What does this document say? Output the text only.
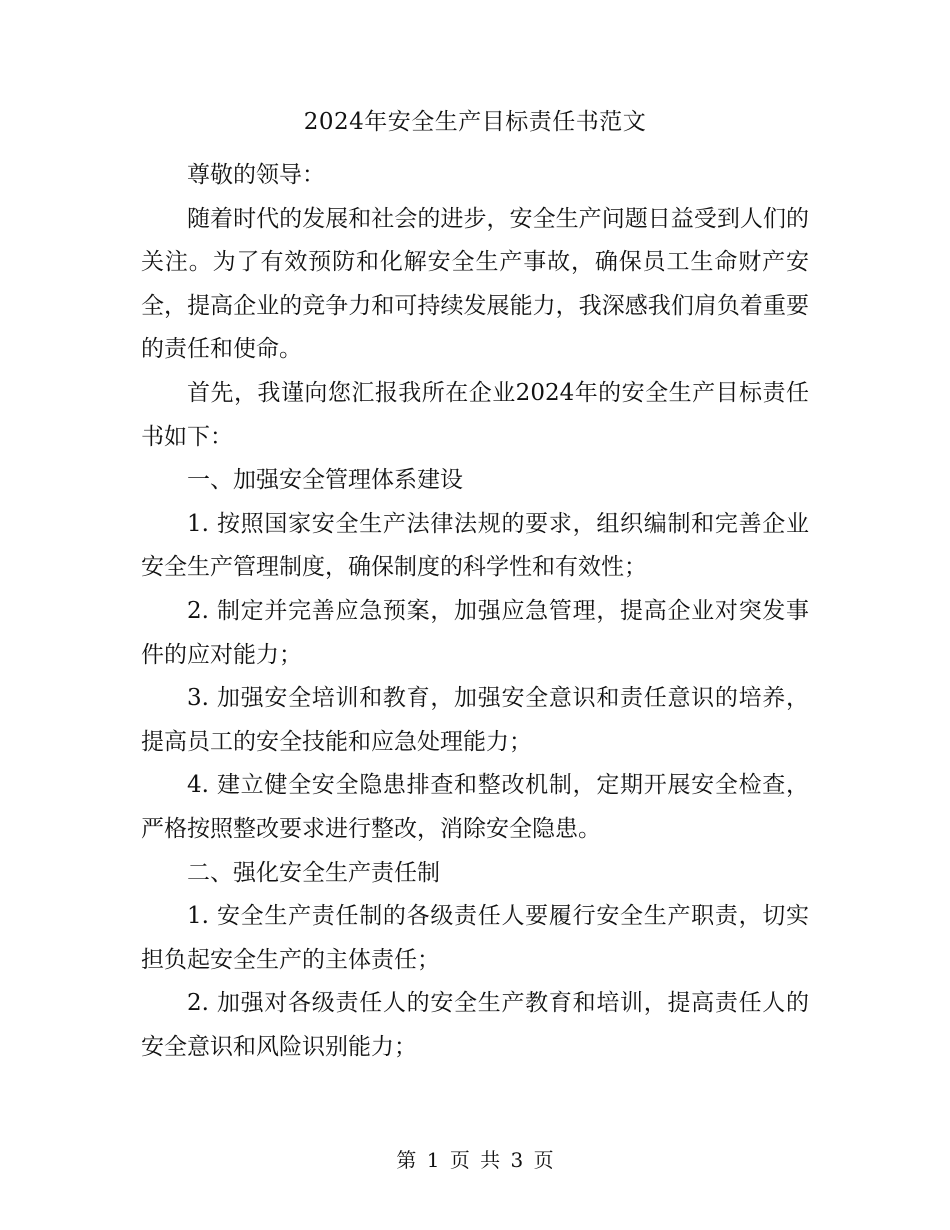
2024年安全生产目标责任书范文

尊敬的领导：

随着时代的发展和社会的进步，安全生产问题日益受到人们的关注。为了有效预防和化解安全生产事故，确保员工生命财产安全，提高企业的竞争力和可持续发展能力，我深感我们肩负着重要的责任和使命。

首先，我谨向您汇报我所在企业2024年的安全生产目标责任书如下：

一、加强安全管理体系建设

1. 按照国家安全生产法律法规的要求，组织编制和完善企业安全生产管理制度，确保制度的科学性和有效性；

2. 制定并完善应急预案，加强应急管理，提高企业对突发事件的应对能力；

3. 加强安全培训和教育，加强安全意识和责任意识的培养，提高员工的安全技能和应急处理能力；

4. 建立健全安全隐患排查和整改机制，定期开展安全检查，严格按照整改要求进行整改，消除安全隐患。

二、强化安全生产责任制

1. 安全生产责任制的各级责任人要履行安全生产职责，切实担负起安全生产的主体责任；

2. 加强对各级责任人的安全生产教育和培训，提高责任人的安全意识和风险识别能力；

第 1 页 共 3 页
